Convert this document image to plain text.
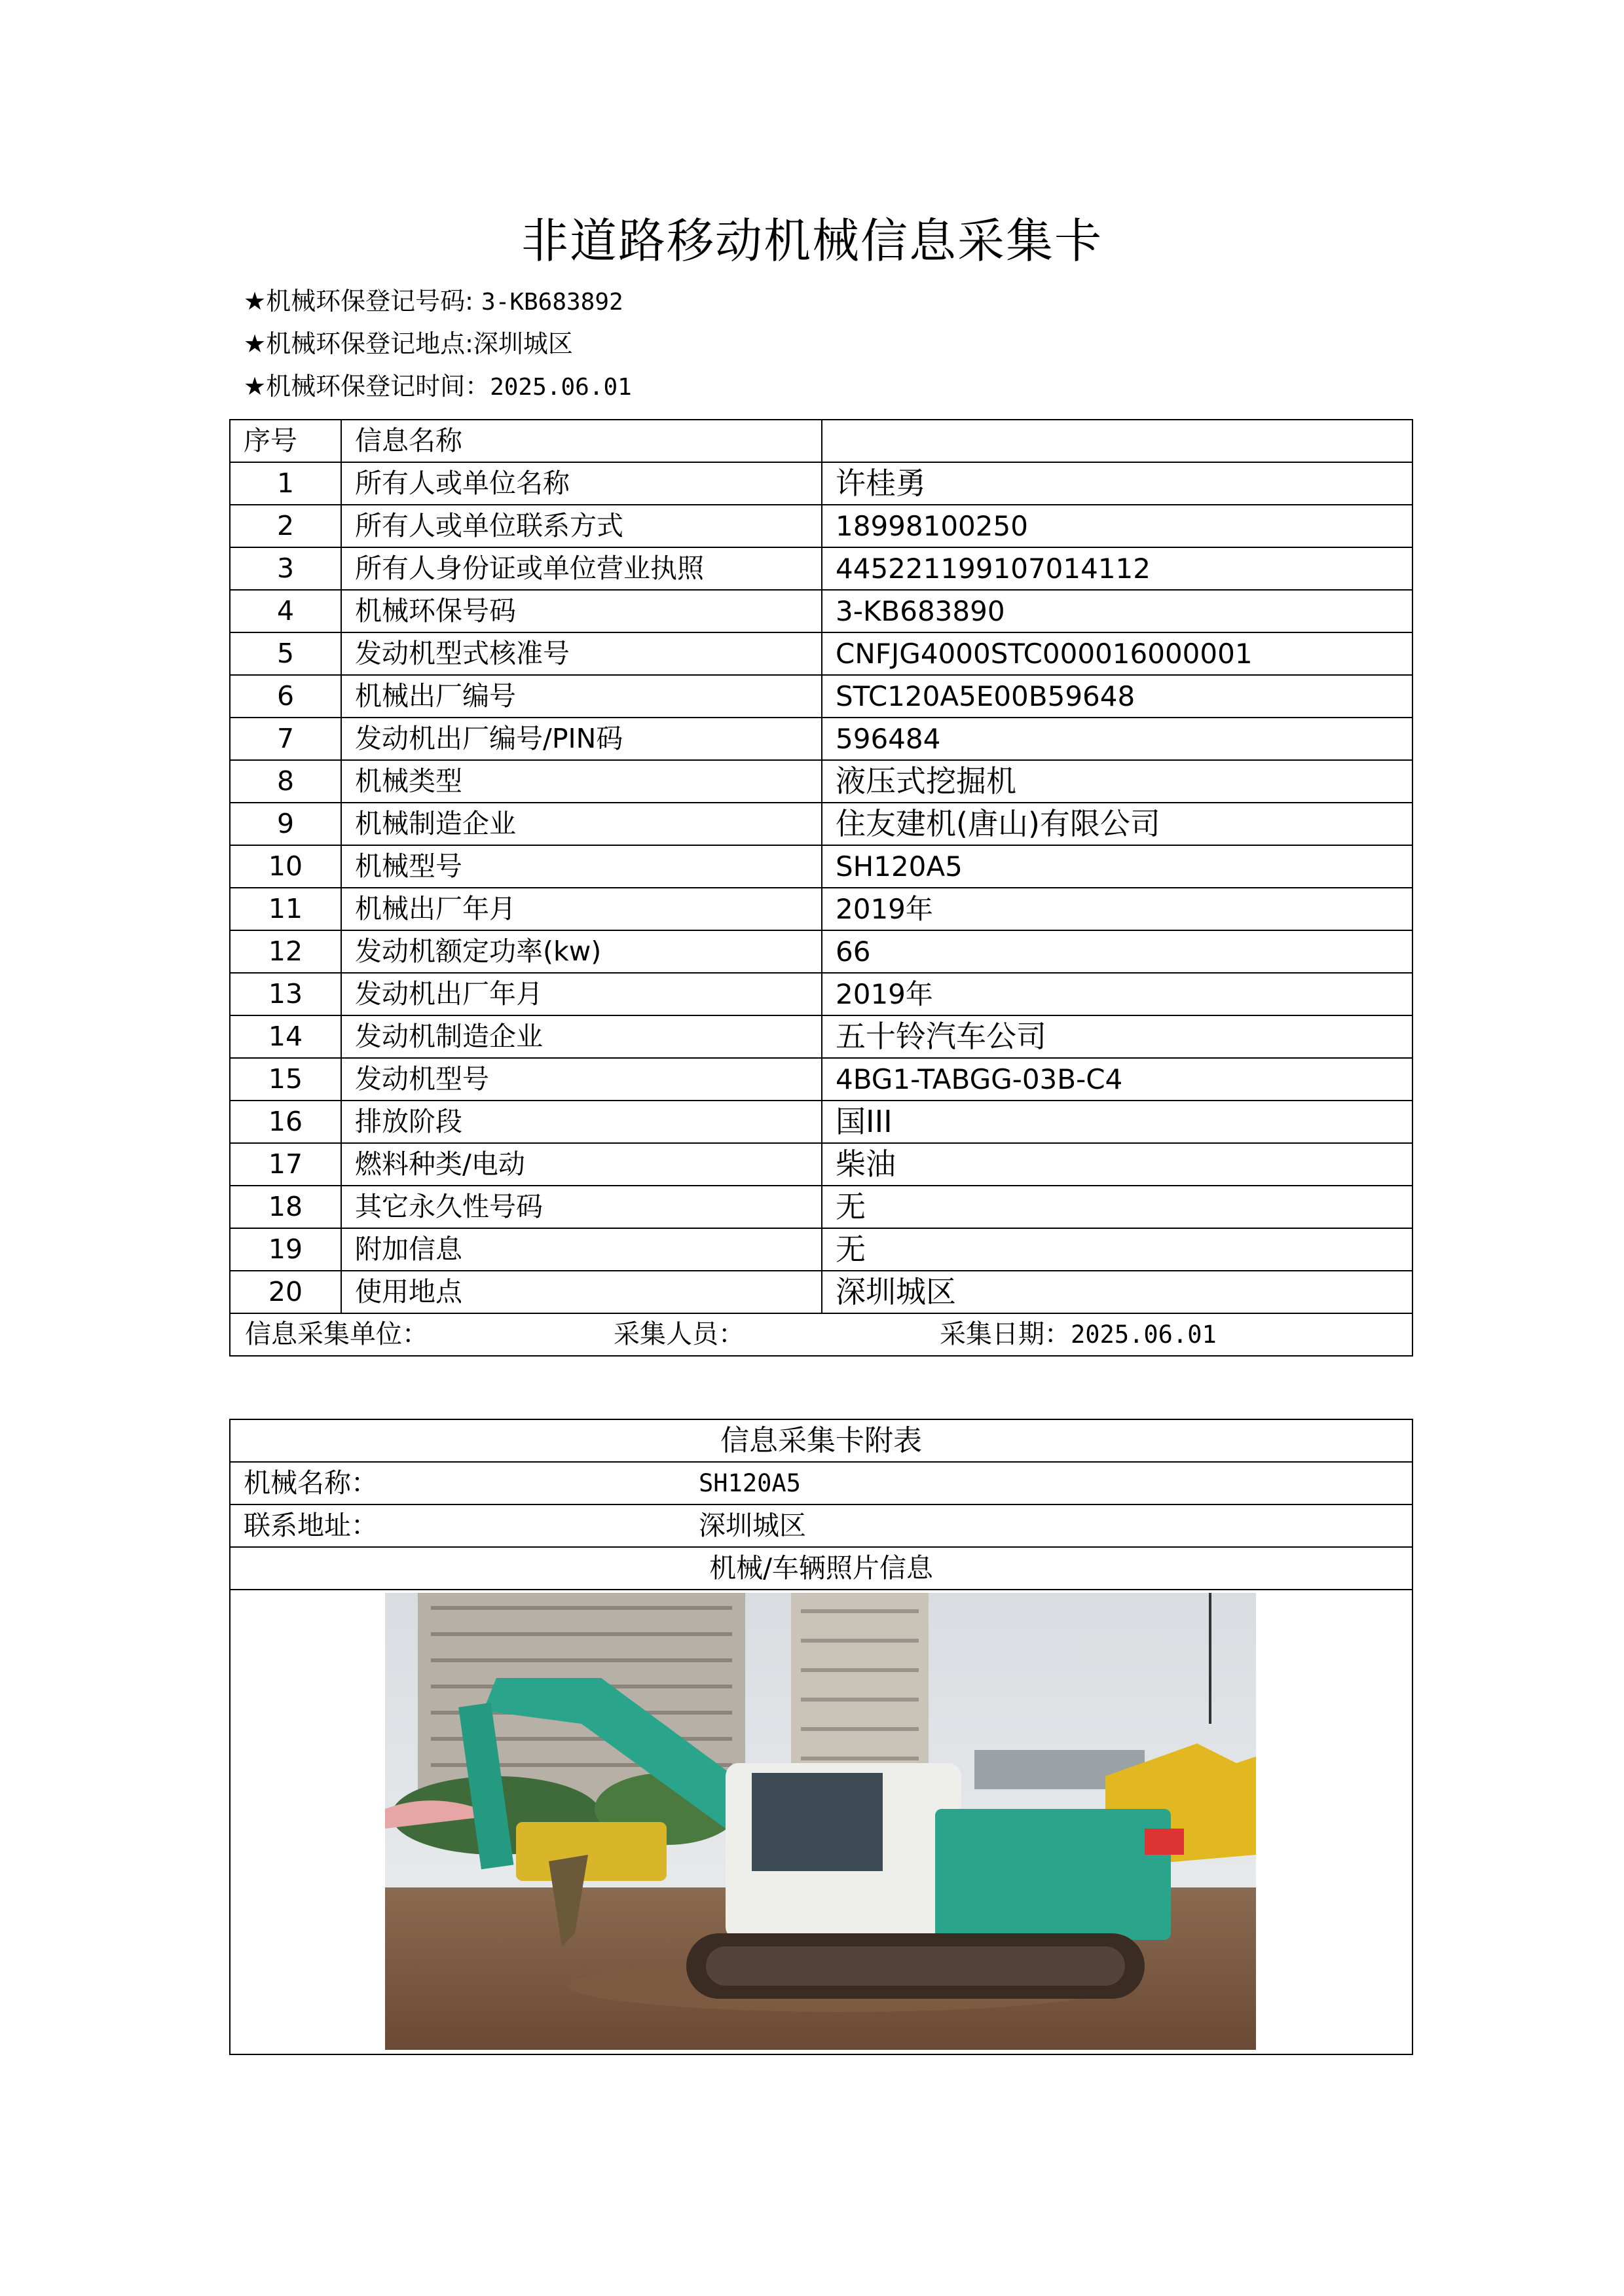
非道路移动机械信息采集卡
★机械环保登记号码: 3-KB683892
★机械环保登记地点:深圳城区
★机械环保登记时间：2025.06.01
序号	信息名称	
1	所有人或单位名称	许桂勇
2	所有人或单位联系方式	18998100250
3	所有人身份证或单位营业执照	445221199107014112
4	机械环保号码	3-KB683890
5	发动机型式核准号	CNFJG4000STC000016000001
6	机械出厂编号	STC120A5E00B59648
7	发动机出厂编号/PIN码	596484
8	机械类型	液压式挖掘机
9	机械制造企业	住友建机(唐山)有限公司
10	机械型号	SH120A5
11	机械出厂年月	2019年
12	发动机额定功率(kw)	66
13	发动机出厂年月	2019年
14	发动机制造企业	五十铃汽车公司
15	发动机型号	4BG1-TABGG-03B-C4
16	排放阶段	国III
17	燃料种类/电动	柴油
18	其它永久性号码	无
19	附加信息	无
20	使用地点	深圳城区

信息采集单位： 采集人员： 采集日期：2025.06.01		
信息采集卡附表
机械名称：	SH120A5

联系地址：	深圳城区

机械/车辆照片信息
